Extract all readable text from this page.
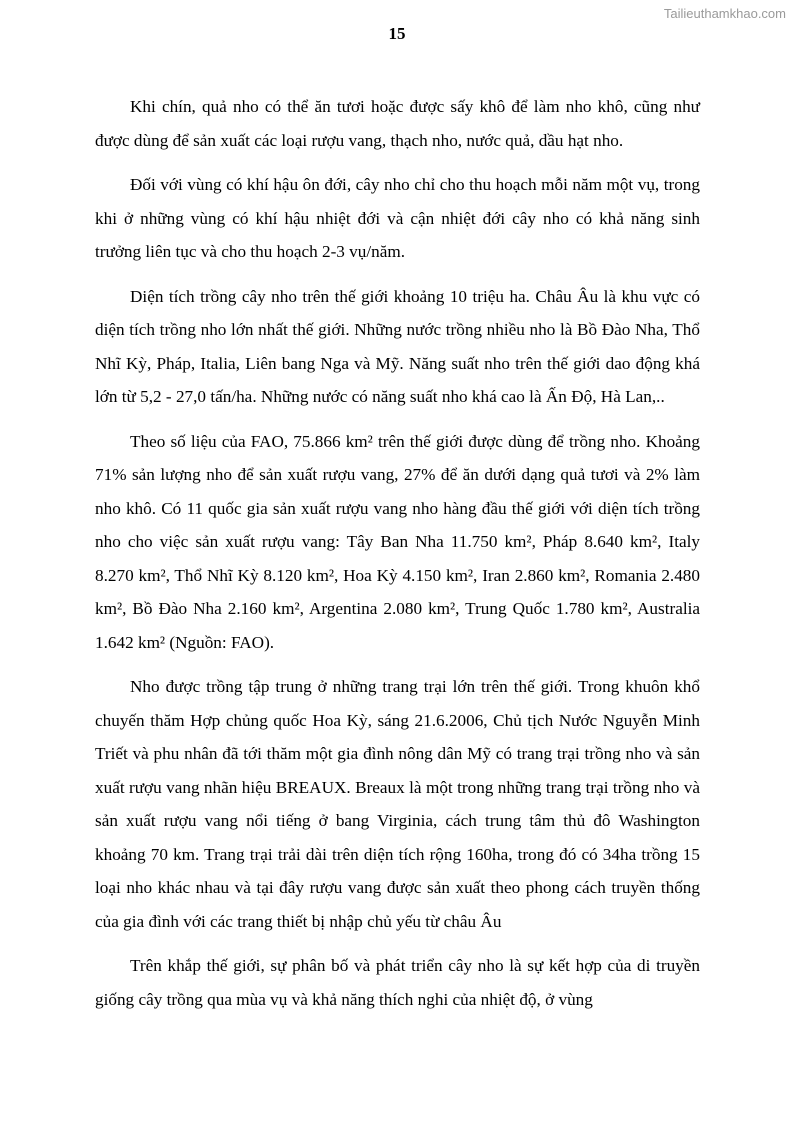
Tailieuthamkhao.com
15

Khi chín, quả nho có thể ăn tươi hoặc được sấy khô để làm nho khô, cũng như được dùng để sản xuất các loại rượu vang, thạch nho, nước quả, dầu hạt nho.

Đối với vùng có khí hậu ôn đới, cây nho chỉ cho thu hoạch mỗi năm một vụ, trong khi ở những vùng có khí hậu nhiệt đới và cận nhiệt đới cây nho có khả năng sinh trưởng liên tục và cho thu hoạch 2-3 vụ/năm.

Diện tích trồng cây nho trên thế giới khoảng 10 triệu ha. Châu Âu là khu vực có diện tích trồng nho lớn nhất thế giới. Những nước trồng nhiều nho là Bồ Đào Nha, Thổ Nhĩ Kỳ, Pháp, Italia, Liên bang Nga và Mỹ. Năng suất nho trên thế giới dao động khá lớn từ 5,2 - 27,0 tấn/ha. Những nước có năng suất nho khá cao là Ấn Độ, Hà Lan,..

Theo số liệu của FAO, 75.866 km² trên thế giới được dùng để trồng nho. Khoảng 71% sản lượng nho để sản xuất rượu vang, 27% để ăn dưới dạng quả tươi và 2% làm nho khô. Có 11 quốc gia sản xuất rượu vang nho hàng đầu thế giới với diện tích trồng nho cho việc sản xuất rượu vang: Tây Ban Nha 11.750 km², Pháp 8.640 km², Italy 8.270 km², Thổ Nhĩ Kỳ 8.120 km², Hoa Kỳ 4.150 km², Iran 2.860 km², Romania 2.480 km², Bồ Đào Nha 2.160 km², Argentina 2.080 km², Trung Quốc 1.780 km², Australia 1.642 km² (Nguồn: FAO).

Nho được trồng tập trung ở những trang trại lớn trên thế giới. Trong khuôn khổ chuyến thăm Hợp chủng quốc Hoa Kỳ, sáng 21.6.2006, Chủ tịch Nước Nguyễn Minh Triết và phu nhân đã tới thăm một gia đình nông dân Mỹ có trang trại trồng nho và sản xuất rượu vang nhãn hiệu BREAUX. Breaux là một trong những trang trại trồng nho và sản xuất rượu vang nổi tiếng ở bang Virginia, cách trung tâm thủ đô Washington khoảng 70 km. Trang trại trải dài trên diện tích rộng 160ha, trong đó có 34ha trồng 15 loại nho khác nhau và tại đây rượu vang được sản xuất theo phong cách truyền thống của gia đình với các trang thiết bị nhập chủ yếu từ châu Âu

Trên khắp thế giới, sự phân bố và phát triển cây nho là sự kết hợp của di truyền giống cây trồng qua mùa vụ và khả năng thích nghi của nhiệt độ, ở vùng
